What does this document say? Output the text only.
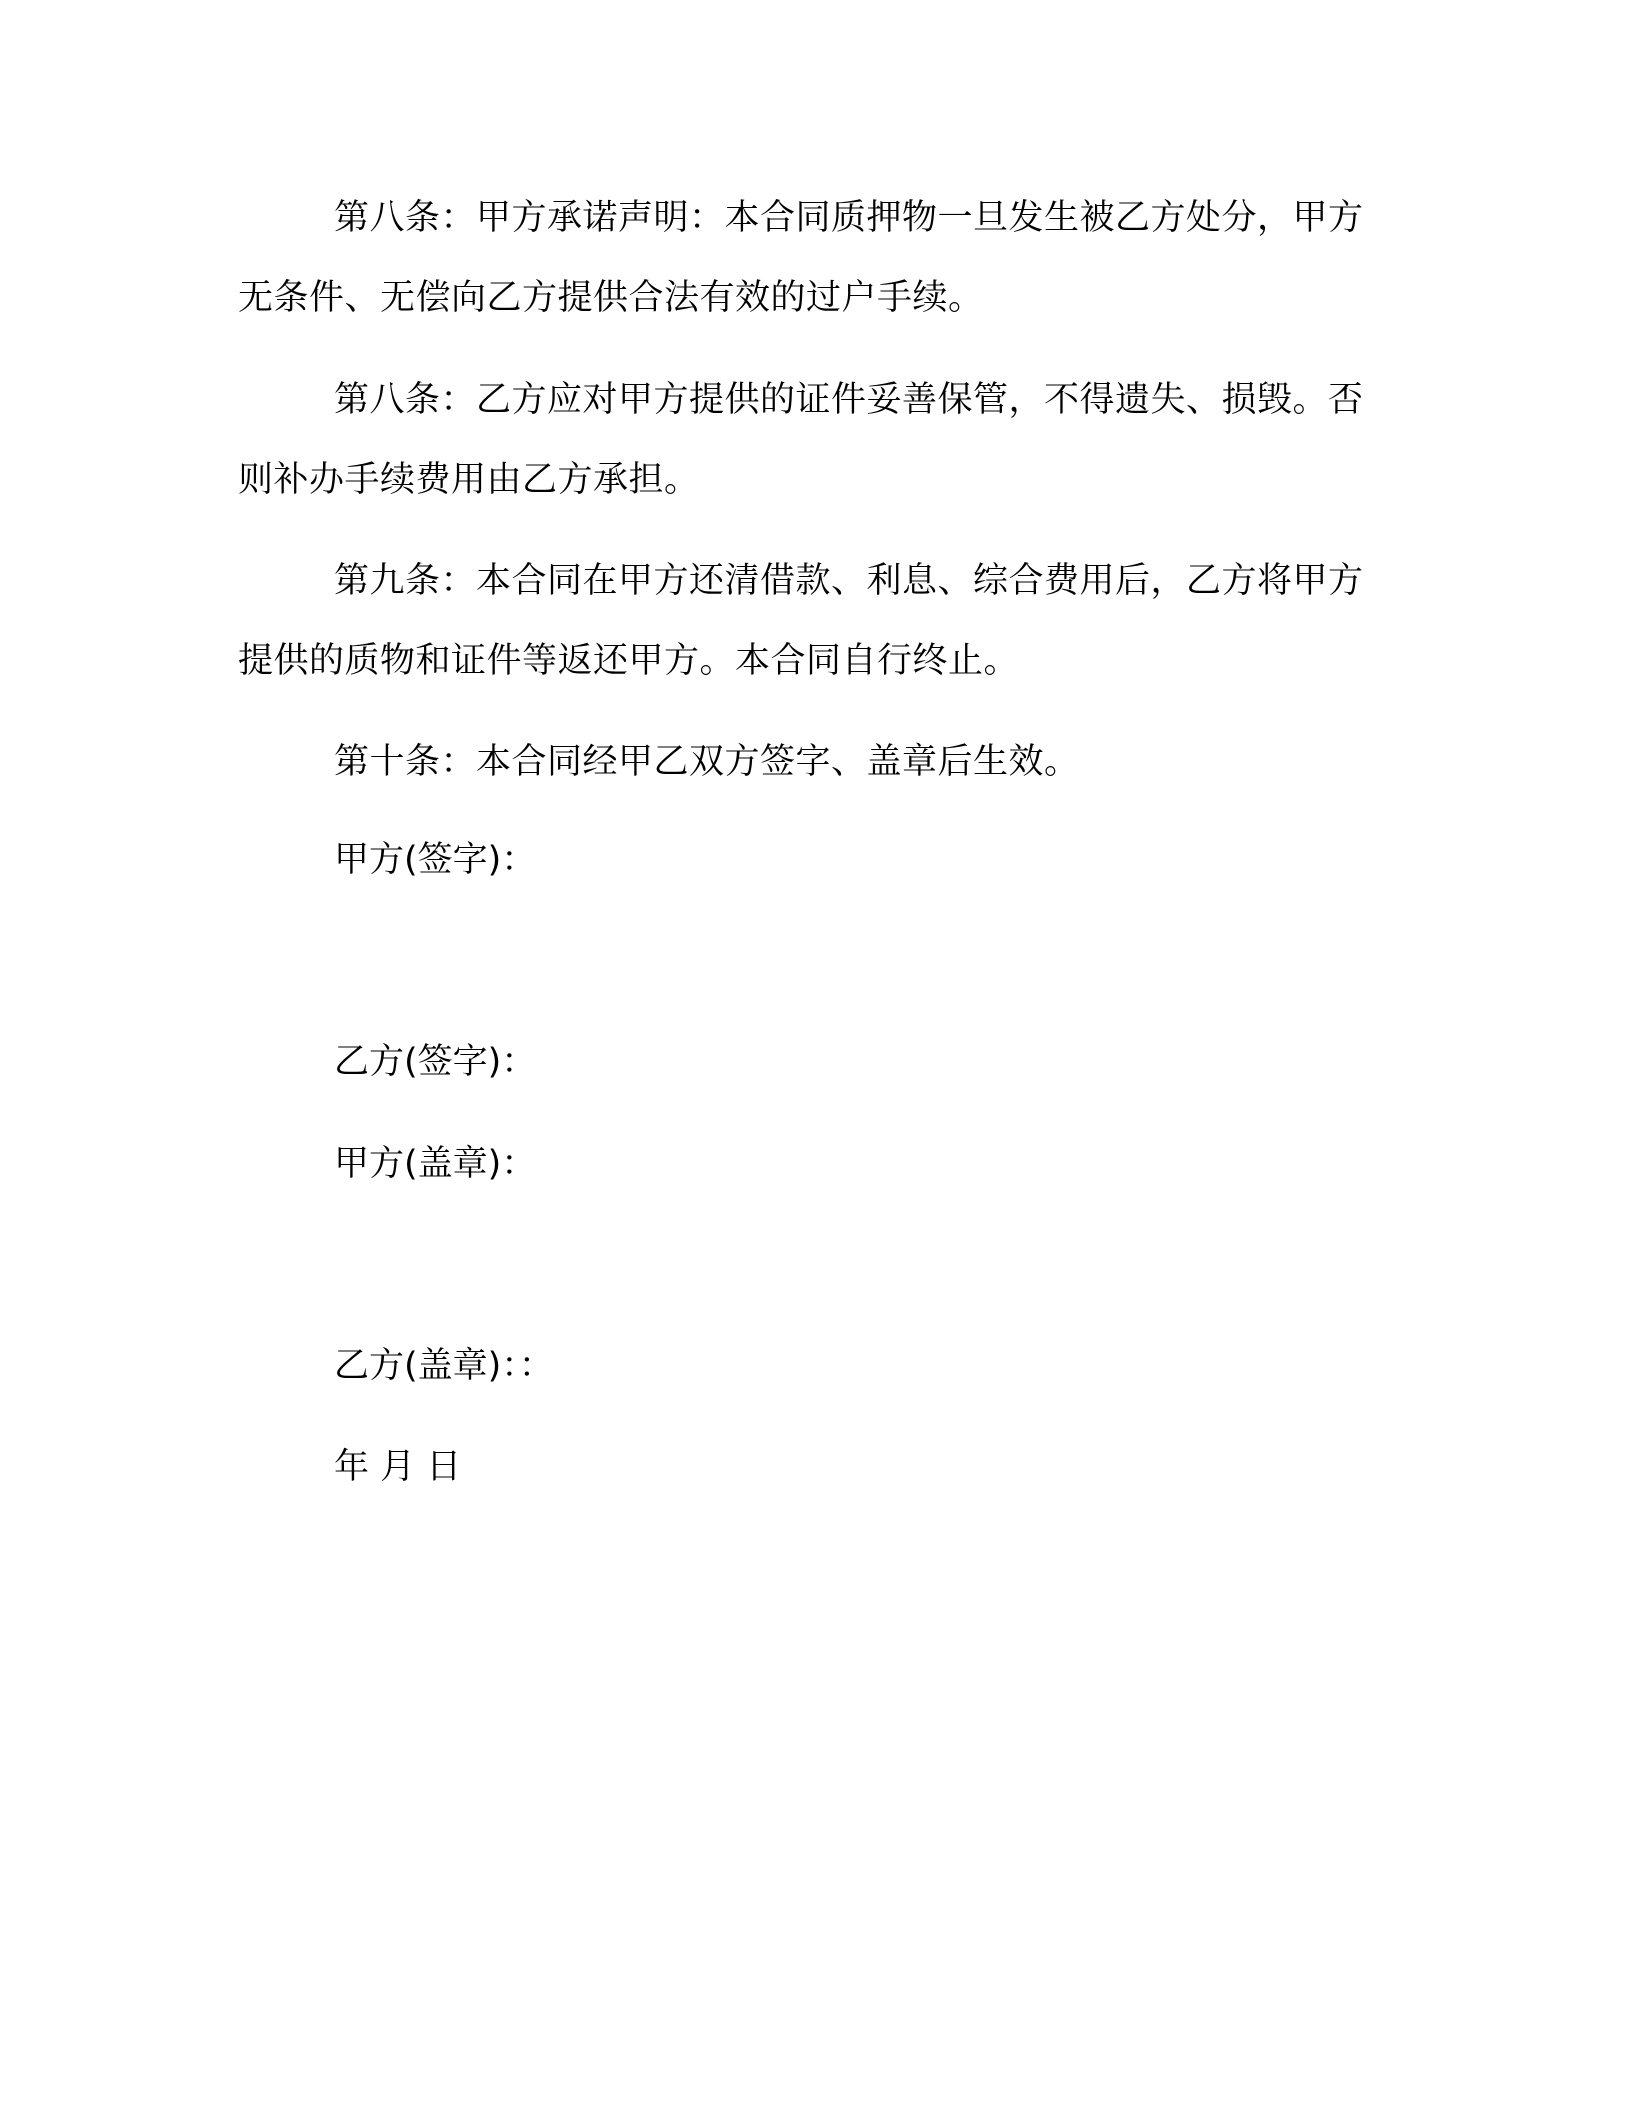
第八条：甲方承诺声明：本合同质押物一旦发生被乙方处分，甲方无条件、无偿向乙方提供合法有效的过户手续。
第八条：乙方应对甲方提供的证件妥善保管，不得遗失、损毁。否则补办手续费用由乙方承担。
第九条：本合同在甲方还清借款、利息、综合费用后，乙方将甲方提供的质物和证件等返还甲方。本合同自行终止。
第十条：本合同经甲乙双方签字、盖章后生效。
甲方(签字)：
乙方(签字)：
甲方(盖章)：
乙方(盖章)：：
年 月 日
